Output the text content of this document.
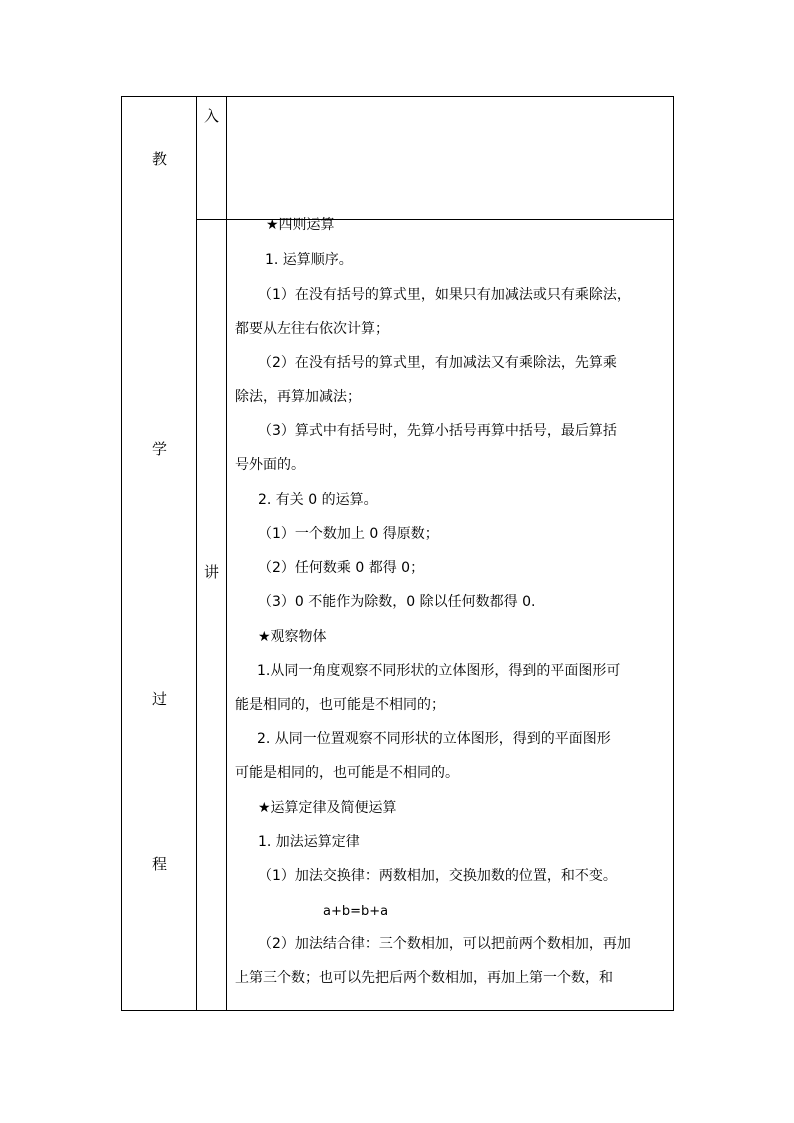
教
学
过
程
入
讲
★四则运算
1. 运算顺序。
（1）在没有括号的算式里，如果只有加减法或只有乘除法，
都要从左往右依次计算；
（2）在没有括号的算式里，有加减法又有乘除法，先算乘
除法，再算加减法；
（3）算式中有括号时，先算小括号再算中括号，最后算括
号外面的。
2. 有关 0 的运算。
（1）一个数加上 0 得原数；
（2）任何数乘 0 都得 0；
（3）0 不能作为除数，0 除以任何数都得 0.
★观察物体
1.从同一角度观察不同形状的立体图形，得到的平面图形可
能是相同的，也可能是不相同的；
2. 从同一位置观察不同形状的立体图形，得到的平面图形
可能是相同的，也可能是不相同的。
★运算定律及简便运算
1. 加法运算定律
（1）加法交换律：两数相加，交换加数的位置，和不变。
a+b=b+a
（2）加法结合律：三个数相加，可以把前两个数相加，再加
上第三个数；也可以先把后两个数相加，再加上第一个数，和
